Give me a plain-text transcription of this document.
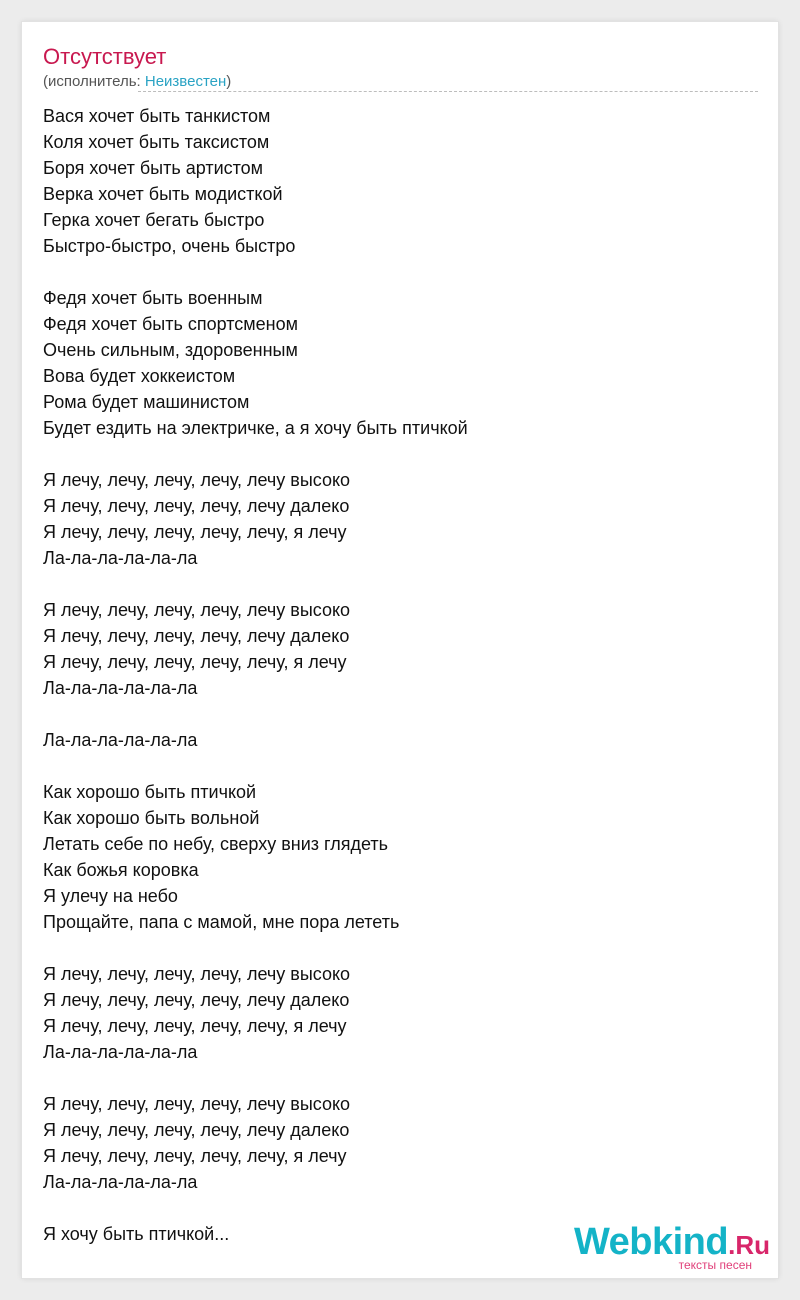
Отсутствует
(исполнитель: Неизвестен)
Вася хочет быть танкистом
Коля хочет быть таксистом
Боря хочет быть артистом
Верка хочет быть модисткой
Герка хочет бегать быстро
Быстро-быстро, очень быстро
Федя хочет быть военным
Федя хочет быть спортсменом
Очень сильным, здоровенным
Вова будет хоккеистом
Рома будет машинистом
Будет ездить на электричке, а я хочу быть птичкой
Я лечу, лечу, лечу, лечу, лечу высоко
Я лечу, лечу, лечу, лечу, лечу далеко
Я лечу, лечу, лечу, лечу, лечу, я лечу
Ла-ла-ла-ла-ла-ла
Я лечу, лечу, лечу, лечу, лечу высоко
Я лечу, лечу, лечу, лечу, лечу далеко
Я лечу, лечу, лечу, лечу, лечу, я лечу
Ла-ла-ла-ла-ла-ла
Ла-ла-ла-ла-ла-ла
Как хорошо быть птичкой
Как хорошо быть вольной
Летать себе по небу, сверху вниз глядеть
Как божья коровка
Я улечу на небо
Прощайте, папа с мамой, мне пора лететь
Я лечу, лечу, лечу, лечу, лечу высоко
Я лечу, лечу, лечу, лечу, лечу далеко
Я лечу, лечу, лечу, лечу, лечу, я лечу
Ла-ла-ла-ла-ла-ла
Я лечу, лечу, лечу, лечу, лечу высоко
Я лечу, лечу, лечу, лечу, лечу далеко
Я лечу, лечу, лечу, лечу, лечу, я лечу
Ла-ла-ла-ла-ла-ла
Я хочу быть птичкой...	Webkind.Ru
тексты песен
